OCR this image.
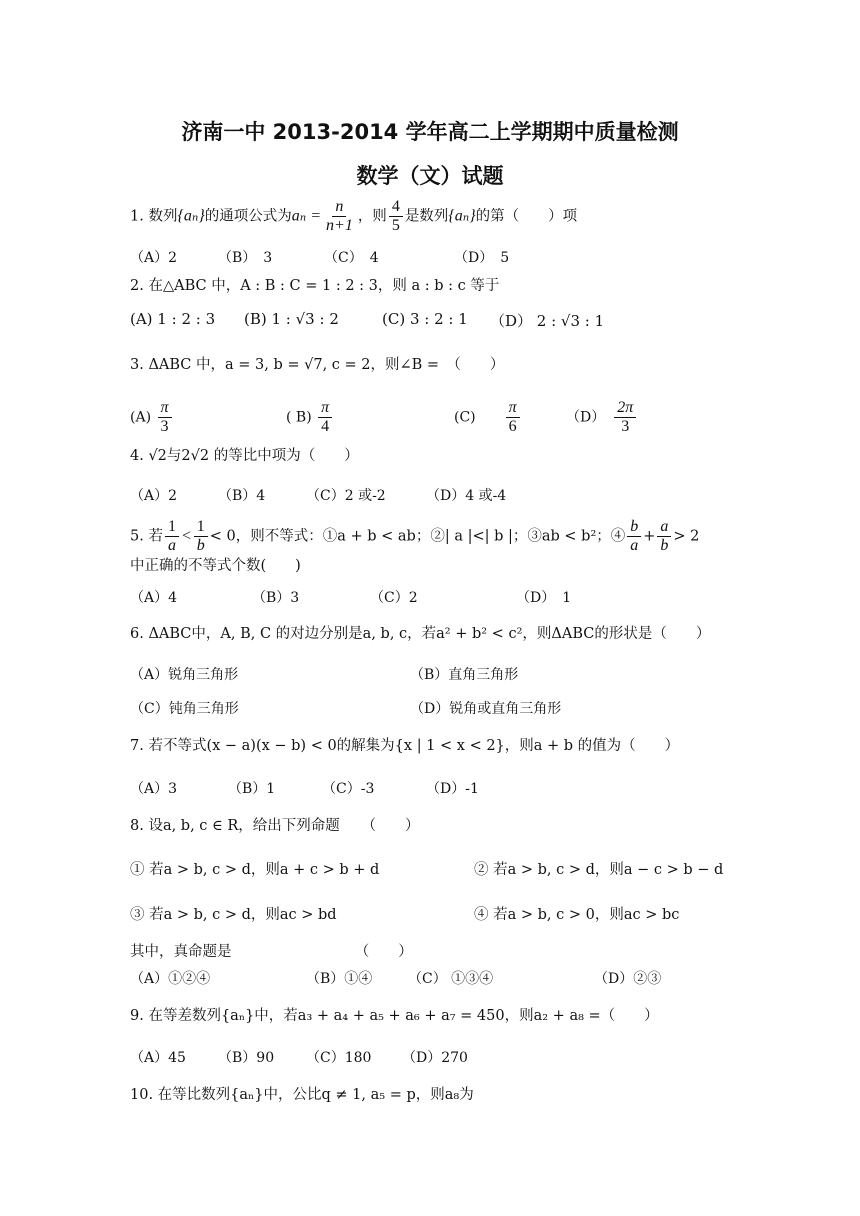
济南一中 2013-2014 学年高二上学期期中质量检测
数学（文）试题
1. 数列{aₙ}的通项公式为$a_n = \frac{n}{n+1}$ ，则 $\frac{4}{5}$ 是数列{aₙ}的第（　　）项
（A）2	（B）　3	（C）　4	（D）　5
2. 在△ABC 中，A : B : C = 1 : 2 : 3，则 a : b : c 等于
(A) 1 : 2 : 3 (B) 1 : √3 : 2	(C) 3 : 2 : 1 （D） 2 : √3 : 1
3. ΔABC 中，a = 3, b = √7, c = 2，则∠B =　（　　）
$(A) \frac{\pi}{3}$	( $B) \frac{\pi}{4}$	(C)　　 $\frac{\pi}{6}$	（D）　 $\frac{2\pi}{3}$
4. √2与2√2 的等比中项为（　　）
（A）2	（B）4	（C）2 或-2	（D）4 或-4
5. 若 $\frac{1}{a} < \frac{1}{b} < 0$，则不等式：①a + b < ab；②| a |<| b |；③ab < b²；④ $\frac{b}{a} + \frac{a}{b} > 2$
中正确的不等式个数(　　)
（A）4	（B）3	（C）2	（D）　1
6. ΔABC中，A, B, C 的对边分别是a, b, c，若a² + b² < c²，则ΔABC的形状是（　　）
（A）锐角三角形	（B）直角三角形
（C）钝角三角形	（D）锐角或直角三角形
7. 若不等式(x − a)(x − b) < 0的解集为{x | 1 < x < 2}，则a + b 的值为（　　）
（A）3	（B）1	（C）-3	（D）-1
8. 设a, b, c ∈ R，给出下列命题　　（　　）
① 若a > b, c > d，则a + c > b + d	② 若a > b, c > d，则a − c > b − d
③ 若a > b, c > d，则ac > bd	④ 若a > b, c > 0，则ac > bc
其中，真命题是　　　　　　　　　（　　）
（A）①②④	（B）①④	（C） ①③④	（D）②③
9. 在等差数列{aₙ}中，若a₃ + a₄ + a₅ + a₆ + a₇ = 450，则a₂ + a₈ =（　　）
（A）45 （B）90 （C）180 （D）270
10. 在等比数列{aₙ}中，公比q ≠ 1, a₅ = p，则a₈为
